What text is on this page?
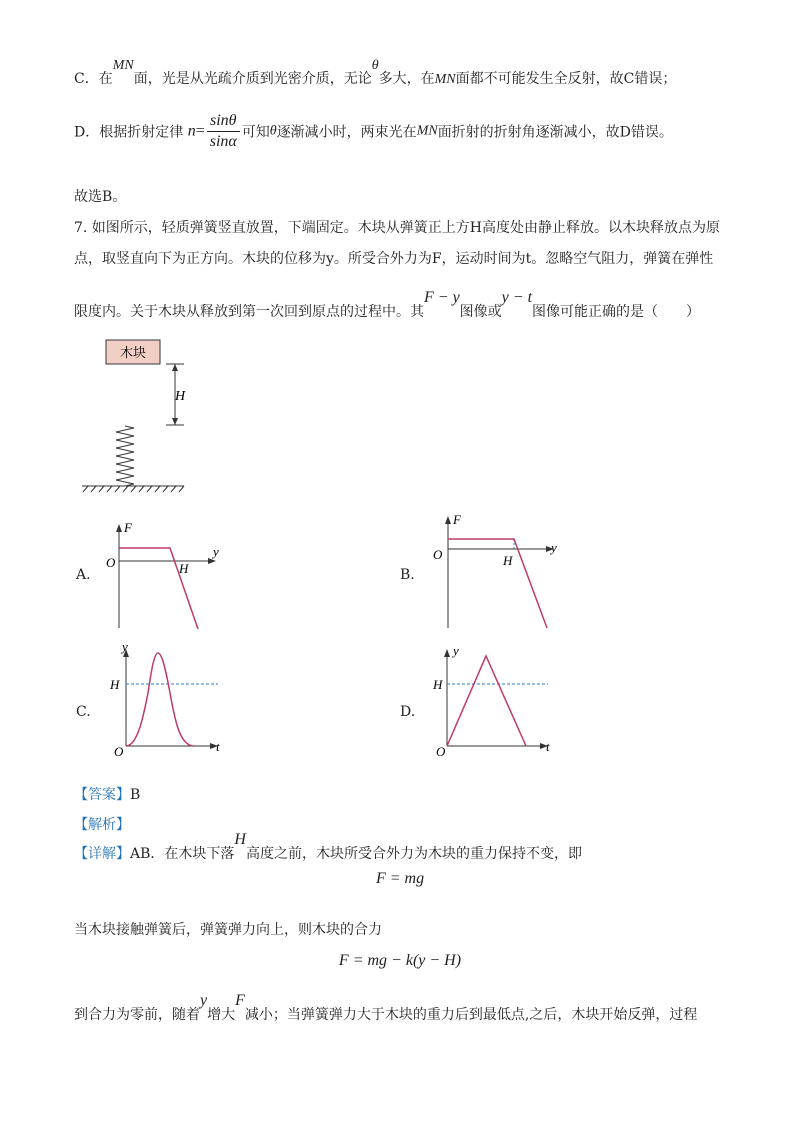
C．在MN面，光是从光疏介质到光密介质，无论θ多大，在MN面都不可能发生全反射，故C错误；
D．根据折射定律 $n= \frac{\sin\theta}{\sin\alpha}$ 可知θ逐渐减小时，两束光在MN面折射的折射角逐渐减小，故D错误。
故选B。
7. 如图所示，轻质弹簧竖直放置，下端固定。木块从弹簧正上方H高度处由静止释放。以木块释放点为原
点，取竖直向下为正方向。木块的位移为y。所受合外力为F，运动时间为t。忽略空气阻力，弹簧在弹性
限度内。关于木块从释放到第一次回到原点的过程中。其F − y图像或y − t图像可能正确的是（　　）
木块
H
A.
F
O
y
H	B.
F
O	y
H
C.
y
H
O	t
D.
y
H
O	t
【答案】B
【解析】
【详解】AB．在木块下落H高度之前，木块所受合外力为木块的重力保持不变，即
F = mg
当木块接触弹簧后，弹簧弹力向上，则木块的合力
F = mg − k(y − H)
到合力为零前，随着y增大F减小；当弹簧弹力大于木块的重力后到最低点,之后，木块开始反弹，过程
